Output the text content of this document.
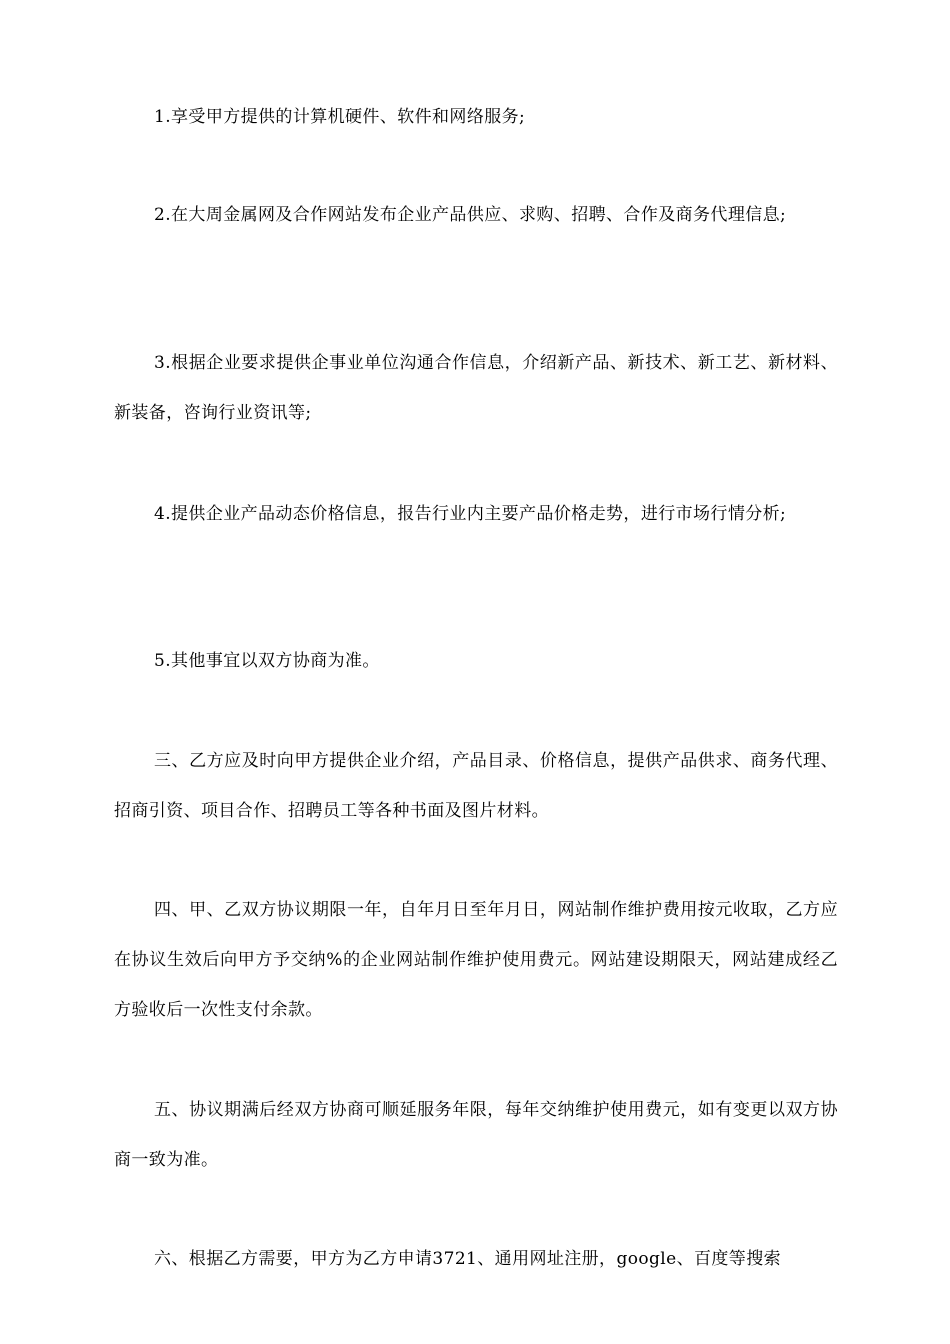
1.享受甲方提供的计算机硬件、软件和网络服务;

2.在大周金属网及合作网站发布企业产品供应、求购、招聘、合作及商务代理信息;

3.根据企业要求提供企事业单位沟通合作信息，介绍新产品、新技术、新工艺、新材料、新装备，咨询行业资讯等;

4.提供企业产品动态价格信息，报告行业内主要产品价格走势，进行市场行情分析;

5.其他事宜以双方协商为准。

三、乙方应及时向甲方提供企业介绍，产品目录、价格信息，提供产品供求、商务代理、招商引资、项目合作、招聘员工等各种书面及图片材料。

四、甲、乙双方协议期限一年，自年月日至年月日，网站制作维护费用按元收取，乙方应在协议生效后向甲方予交纳%的企业网站制作维护使用费元。网站建设期限天，网站建成经乙方验收后一次性支付余款。

五、协议期满后经双方协商可顺延服务年限，每年交纳维护使用费元，如有变更以双方协商一致为准。

六、根据乙方需要，甲方为乙方申请3721、通用网址注册，google、百度等搜索
